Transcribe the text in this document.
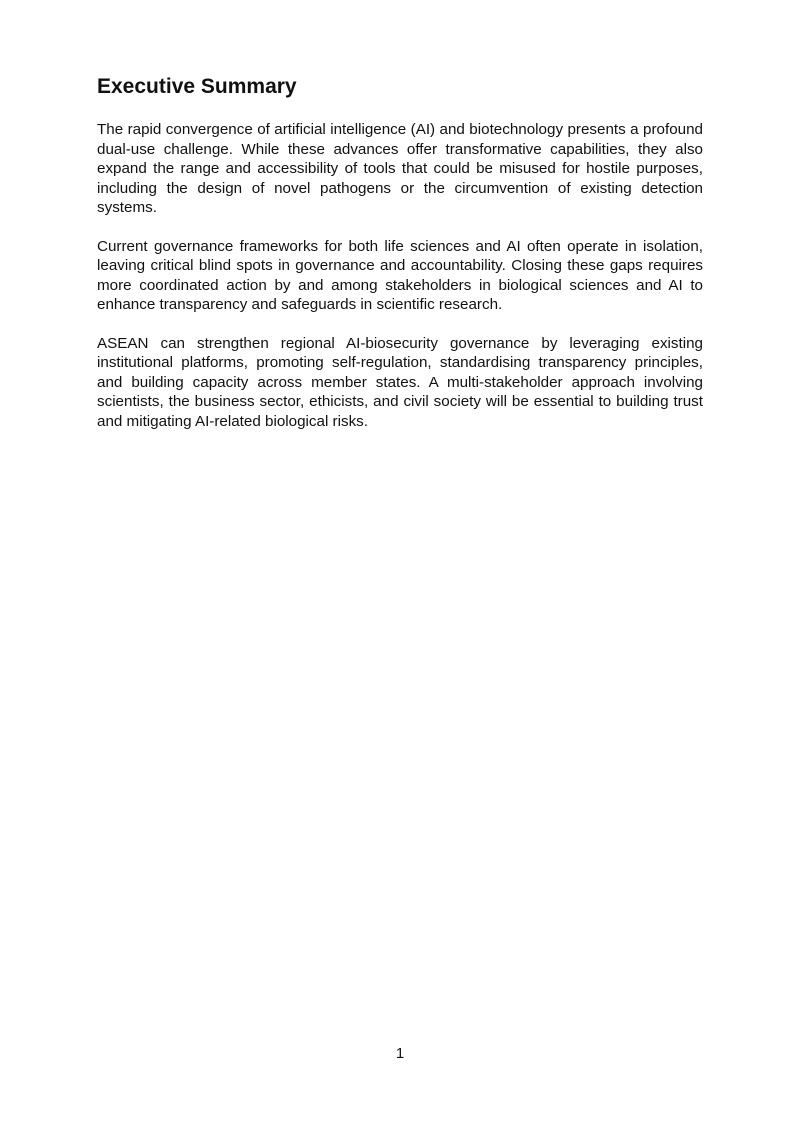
Executive Summary

The rapid convergence of artificial intelligence (AI) and biotechnology presents a profound dual-use challenge. While these advances offer transformative capabilities, they also expand the range and accessibility of tools that could be misused for hostile purposes, including the design of novel pathogens or the circumvention of existing detection systems.

Current governance frameworks for both life sciences and AI often operate in isolation, leaving critical blind spots in governance and accountability. Closing these gaps requires more coordinated action by and among stakeholders in biological sciences and AI to enhance transparency and safeguards in scientific research.

ASEAN can strengthen regional AI-biosecurity governance by leveraging existing institutional platforms, promoting self-regulation, standardising transparency principles, and building capacity across member states. A multi-stakeholder approach involving scientists, the business sector, ethicists, and civil society will be essential to building trust and mitigating AI-related biological risks.

1
